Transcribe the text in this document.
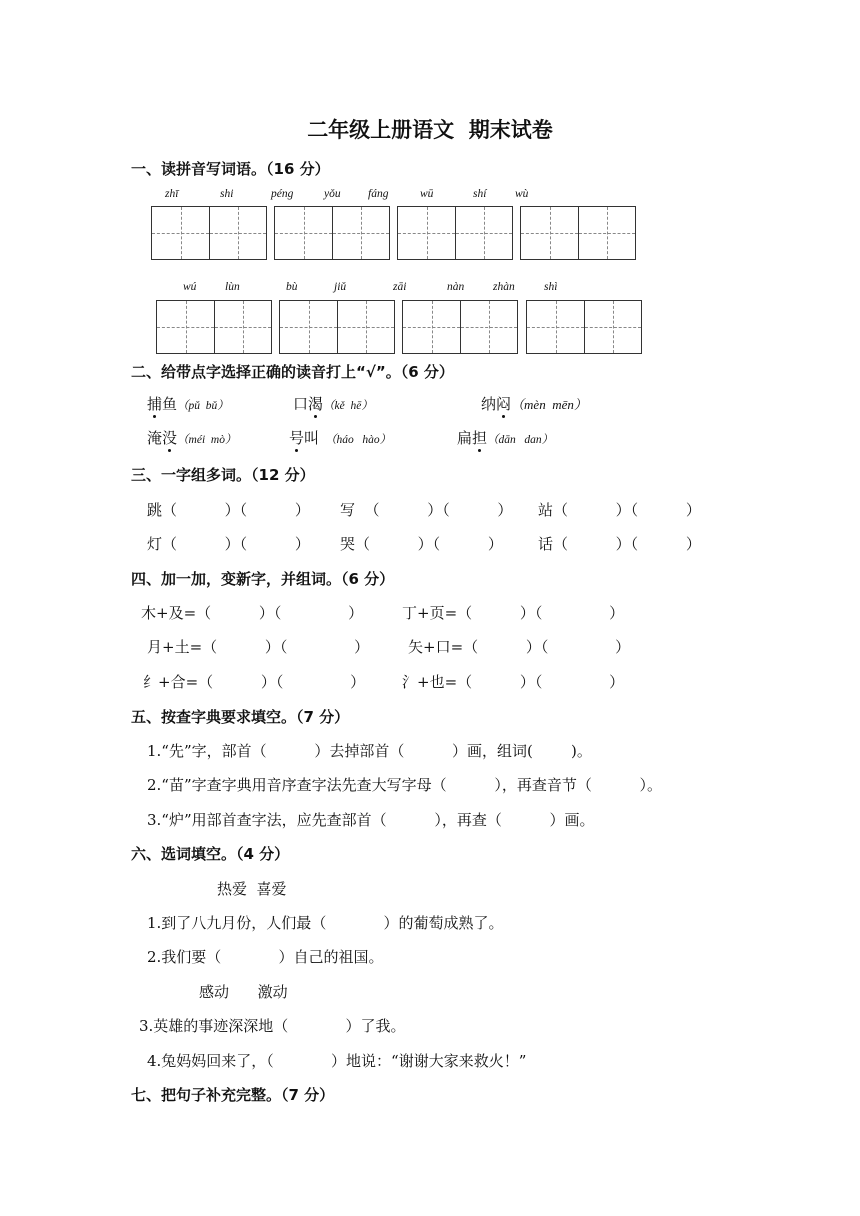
二年级上册语文  期末试卷
一、读拼音写词语。（16 分）
zhī	shi	péng	yǒu fáng	wū	shí wù
wú lùn	bù	jiǔ	zāi	nàn	zhàn	shì
二、给带点字选择正确的读音打上“√”。（6 分）
捕鱼（pǔ  bǔ）	口渴（kě  hē）	纳闷（mèn  mēn）
淹没（méi  mò）	号叫 （háo   hào）	扁担（dān   dan）
三、一字组多词。（12 分）
跳（          ）（          ） 写  （          ）（          ） 站（          ）（          ）
灯（          ）（          ） 哭（          ）（          ） 话（          ）（          ）
四、加一加，变新字，并组词。（6 分）
木+及=（          ）（              ）	丁+页=（          ）（              ）
月+土=（          ）（              ）	矢+口=（          ）（              ）
纟+合=（          ）（              ） 氵+也=（          ）（              ）
五、按查字典要求填空。（7 分）
1.“先”字，部首（          ）去掉部首（          ）画，组词(        )。
2.“苗”字查字典用音序查字法先查大写字母（          ），再查音节（          ）。
3.“炉”用部首查字法，应先查部首（          ），再查（          ）画。
六、选词填空。（4 分）
热爱  喜爱
1.到了八九月份，人们最（            ）的葡萄成熟了。
2.我们要（            ）自己的祖国。
感动      激动
3.英雄的事迹深深地（            ）了我。
4.兔妈妈回来了，（            ）地说：“谢谢大家来救火！”
七、把句子补充完整。（7 分）
